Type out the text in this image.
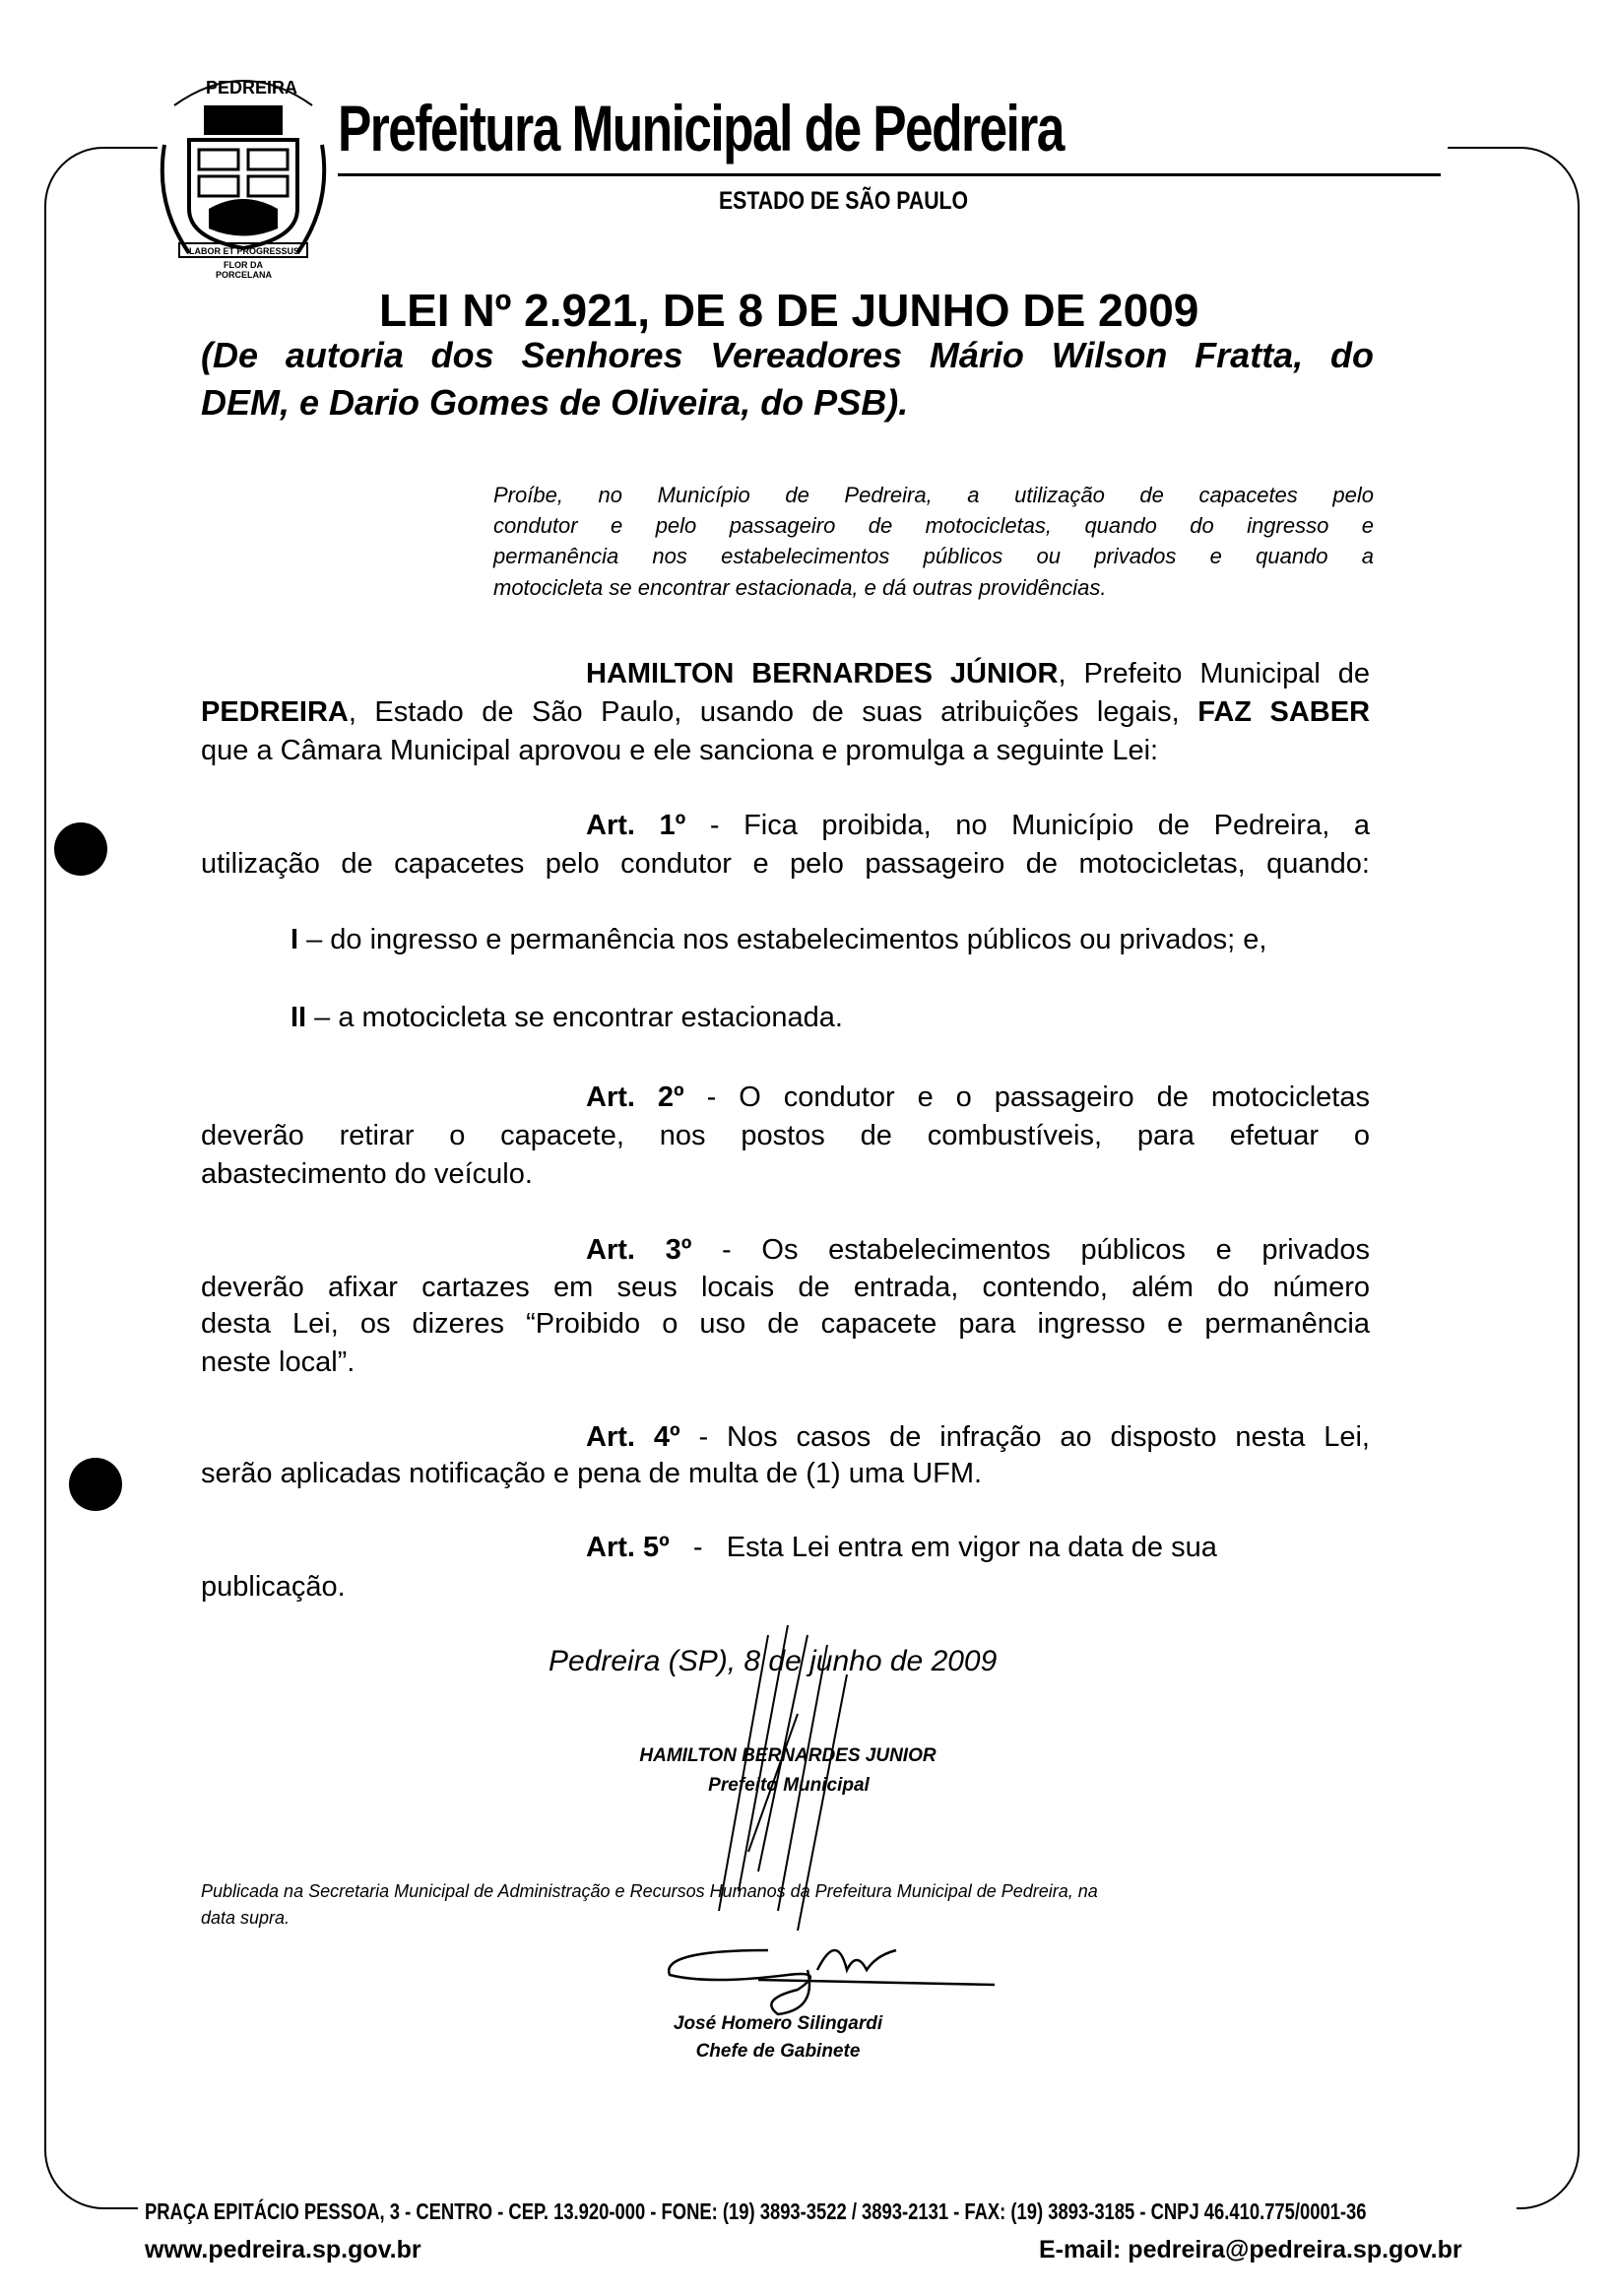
PEDREIRA
LABOR ET PROGRESSUS
FLOR DA
PORCELANA
Prefeitura Municipal de Pedreira
ESTADO DE SÃO PAULO
LEI Nº 2.921, DE 8 DE JUNHO DE 2009
(De autoria dos Senhores Vereadores Mário Wilson Fratta, do
DEM, e Dario Gomes de Oliveira, do PSB).
Proíbe, no Município de Pedreira, a utilização de capacetes pelo
condutor e pelo passageiro de motocicletas, quando do ingresso e
permanência nos estabelecimentos públicos ou privados e quando a
motocicleta se encontrar estacionada, e dá outras providências.
HAMILTON BERNARDES JÚNIOR, Prefeito Municipal de
PEDREIRA, Estado de São Paulo, usando de suas atribuições legais, FAZ SABER
que a Câmara Municipal aprovou e ele sanciona e promulga a seguinte Lei:
Art. 1º - Fica proibida, no Município de Pedreira, a
utilização de capacetes pelo condutor e pelo passageiro de motocicletas, quando:
I – do ingresso e permanência nos estabelecimentos públicos ou privados; e,
II – a motocicleta se encontrar estacionada.
Art. 2º - O condutor e o passageiro de motocicletas
deverão retirar o capacete, nos postos de combustíveis, para efetuar o
abastecimento do veículo.
Art. 3º - Os estabelecimentos públicos e privados
deverão afixar cartazes em seus locais de entrada, contendo, além do número
desta Lei, os dizeres “Proibido o uso de capacete para ingresso e permanência
neste local”.
Art. 4º - Nos casos de infração ao disposto nesta Lei,
serão aplicadas notificação e pena de multa de (1) uma UFM.
Art. 5º   -   Esta Lei entra em vigor na data de sua
publicação.
Pedreira (SP), 8 de junho de 2009
HAMILTON BERNARDES JUNIOR
Prefeito Municipal
Publicada na Secretaria Municipal de Administração e Recursos Humanos da Prefeitura Municipal de Pedreira, na
data supra.
José Homero Silingardi
Chefe de Gabinete
PRAÇA EPITÁCIO PESSOA, 3 - CENTRO - CEP. 13.920-000 - FONE: (19) 3893-3522 / 3893-2131 - FAX: (19) 3893-3185 - CNPJ 46.410.775/0001-36
www.pedreira.sp.gov.br	E-mail: pedreira@pedreira.sp.gov.br
